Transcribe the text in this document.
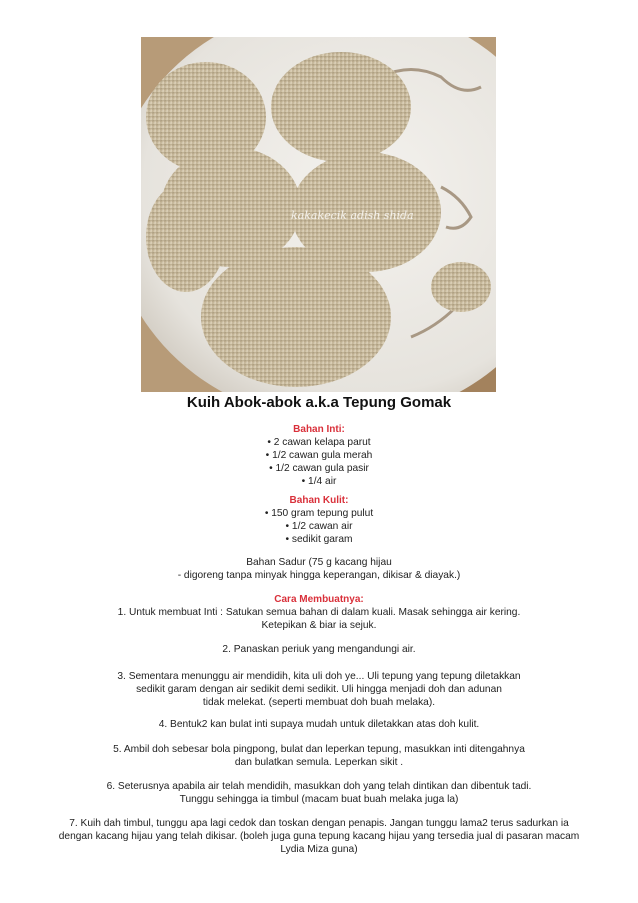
kakakecik adish shida
Kuih Abok-abok a.k.a Tepung Gomak
Bahan Inti:
• 2 cawan kelapa parut
• 1/2 cawan gula merah
• 1/2 cawan gula pasir
• 1/4 air
Bahan Kulit:
• 150 gram tepung pulut
• 1/2 cawan air
• sedikit garam
Bahan Sadur (75 g kacang hijau
- digoreng tanpa minyak hingga keperangan, dikisar & diayak.)
Cara Membuatnya:
1. Untuk membuat Inti : Satukan semua bahan di dalam kuali. Masak sehingga air kering.
Ketepikan & biar ia sejuk.
2. Panaskan periuk yang mengandungi air.
3. Sementara menunggu air mendidih, kita uli doh ye... Uli tepung yang tepung diletakkan
sedikit garam dengan air sedikit demi sedikit. Uli hingga menjadi doh dan adunan
tidak melekat. (seperti membuat doh buah melaka).
4. Bentuk2 kan bulat inti supaya mudah untuk diletakkan atas doh kulit.
5. Ambil doh sebesar bola pingpong, bulat dan leperkan tepung, masukkan inti ditengahnya
dan bulatkan semula. Leperkan sikit .
6. Seterusnya apabila air telah mendidih, masukkan doh yang telah dintikan dan dibentuk tadi.
Tunggu sehingga ia timbul (macam buat buah melaka juga la)
7. Kuih dah timbul, tunggu apa lagi cedok dan toskan dengan penapis. Jangan tunggu lama2 terus sadurkan ia
dengan kacang hijau yang telah dikisar. (boleh juga guna tepung kacang hijau yang tersedia jual di pasaran macam
Lydia Miza guna)
